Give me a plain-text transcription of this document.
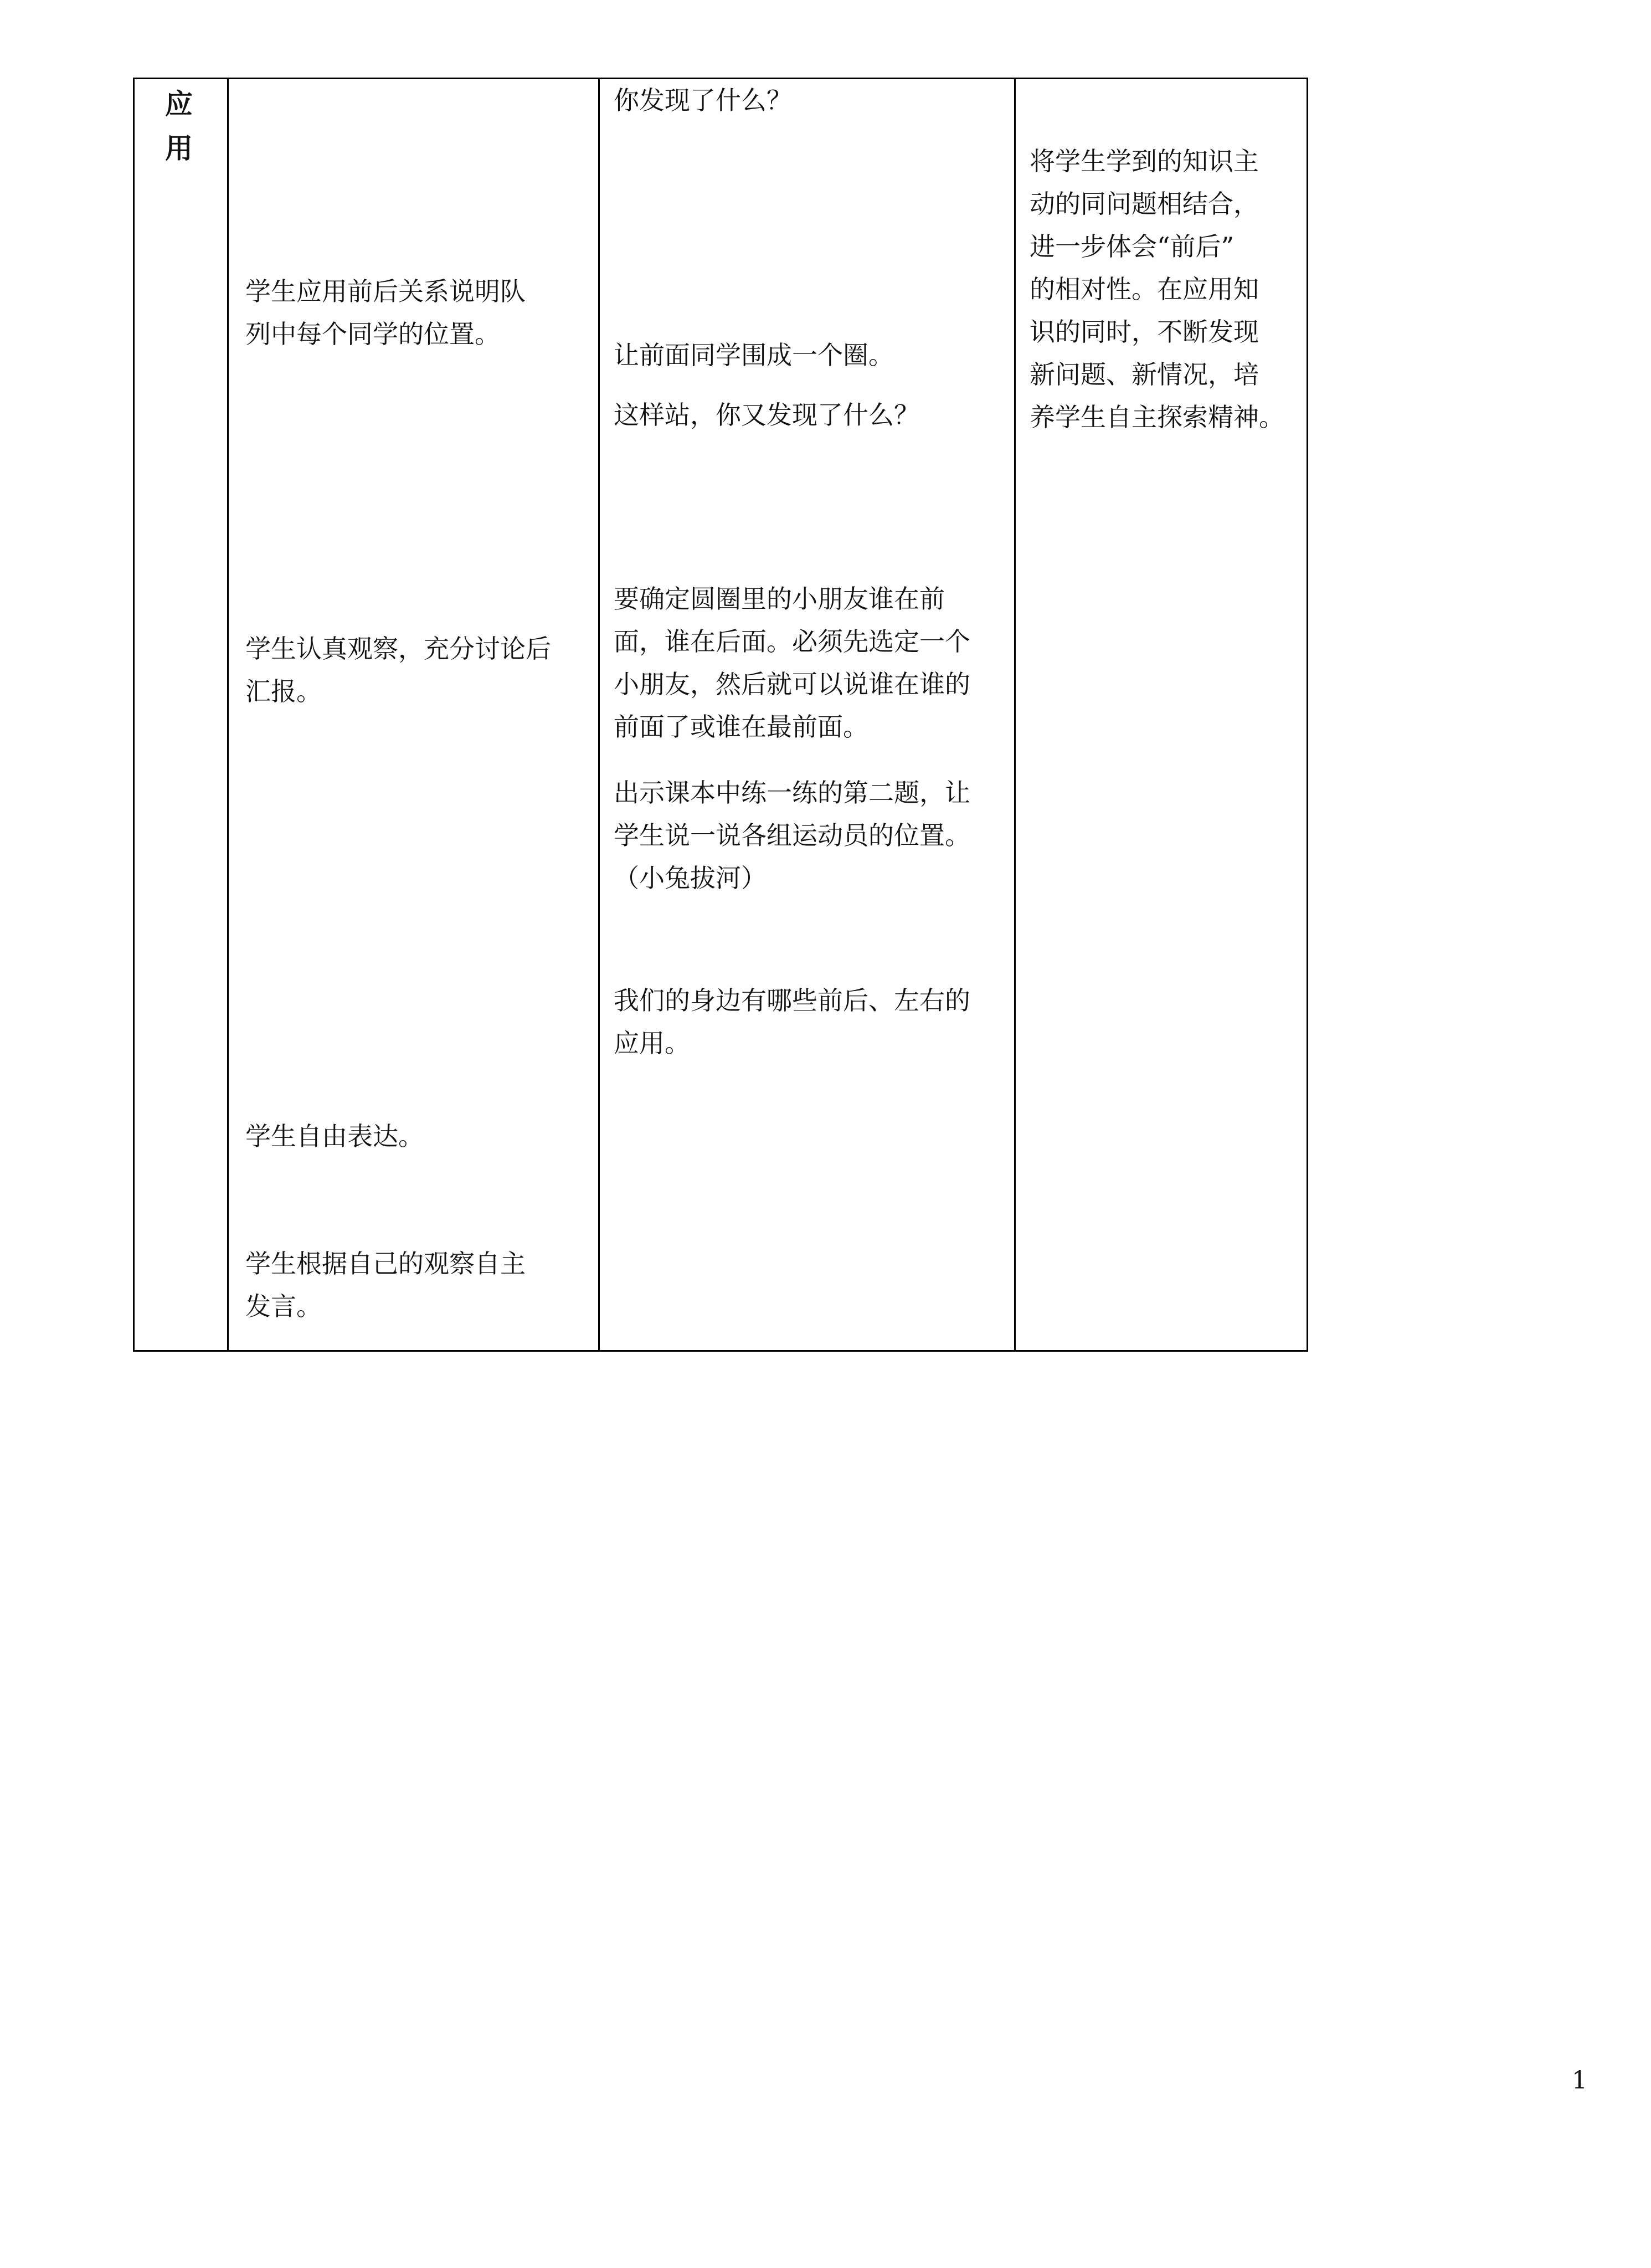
应
用
学生应用前后关系说明队
列中每个同学的位置。
学生认真观察，充分讨论后
汇报。
学生自由表达。
学生根据自己的观察自主
发言。
你发现了什么？
让前面同学围成一个圈。
这样站，你又发现了什么？
要确定圆圈里的小朋友谁在前
面，谁在后面。必须先选定一个
小朋友，然后就可以说谁在谁的
前面了或谁在最前面。
出示课本中练一练的第二题，让
学生说一说各组运动员的位置。
（小兔拔河）
我们的身边有哪些前后、左右的
应用。
将学生学到的知识主
动的同问题相结合，
进一步体会“前后”
的相对性。在应用知
识的同时，不断发现
新问题、新情况，培
养学生自主探索精神。
1
